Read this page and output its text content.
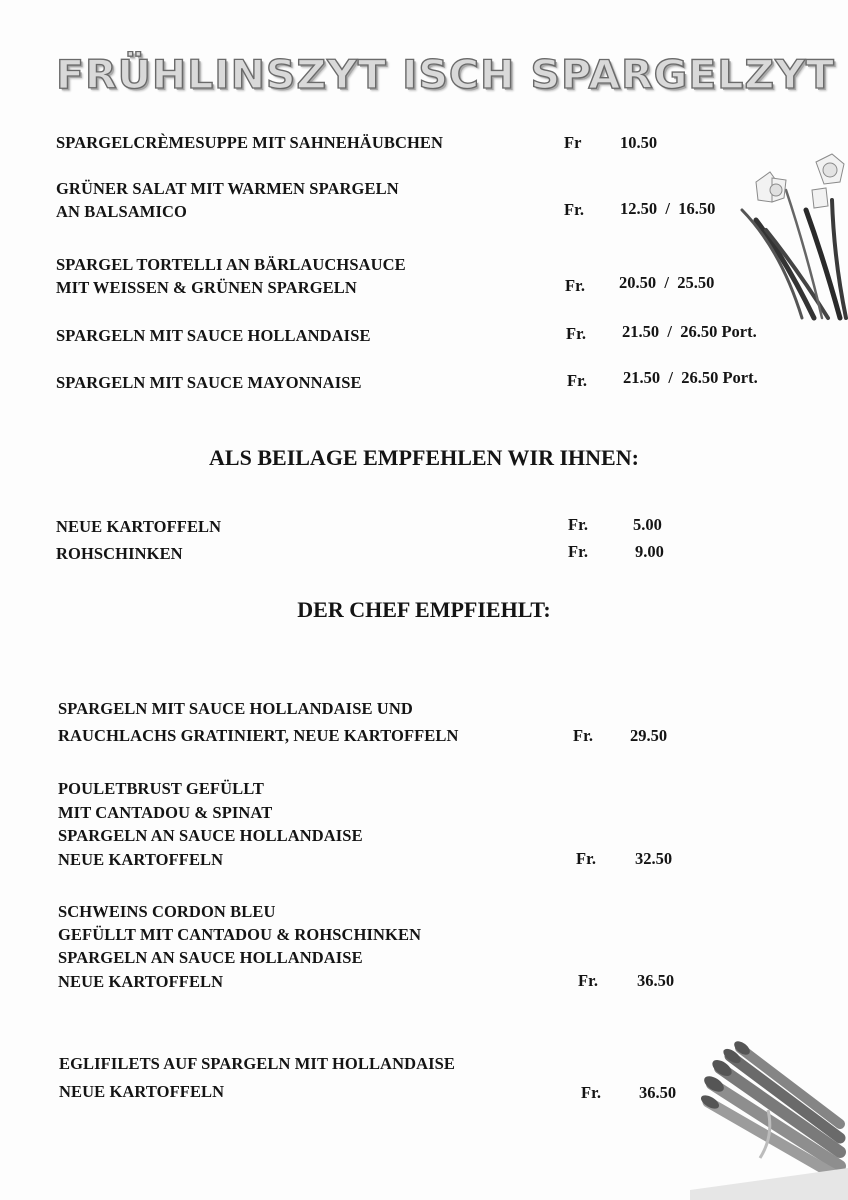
FRÜHLINSZYT ISCH SPARGELZYT
SPARGELCRÈMESUPPE MIT SAHNEHÄUBCHEN	Fr 10.50
GRÜNER SALAT MIT WARMEN SPARGELN
AN BALSAMICO	Fr. 12.50  /  16.50
SPARGEL TORTELLI AN BÄRLAUCHSAUCE
MIT WEISSEN & GRÜNEN SPARGELN	Fr. 20.50  /  25.50
SPARGELN MIT SAUCE HOLLANDAISE	Fr. 21.50  /  26.50 Port.
SPARGELN MIT SAUCE MAYONNAISE	Fr. 21.50  /  26.50 Port.
ALS BEILAGE EMPFEHLEN WIR IHNEN:
NEUE KARTOFFELN	Fr.	5.00
ROHSCHINKEN	Fr.	9.00
DER CHEF EMPFIEHLT:
SPARGELN MIT SAUCE HOLLANDAISE UND
RAUCHLACHS GRATINIERT, NEUE KARTOFFELN	Fr. 29.50
POULETBRUST GEFÜLLT
MIT CANTADOU & SPINAT
SPARGELN AN SAUCE HOLLANDAISE
NEUE KARTOFFELN	Fr. 32.50
SCHWEINS CORDON BLEU
GEFÜLLT MIT CANTADOU & ROHSCHINKEN
SPARGELN AN SAUCE HOLLANDAISE
NEUE KARTOFFELN	Fr. 36.50
EGLIFILETS AUF SPARGELN MIT HOLLANDAISE
NEUE KARTOFFELN	Fr. 36.50
